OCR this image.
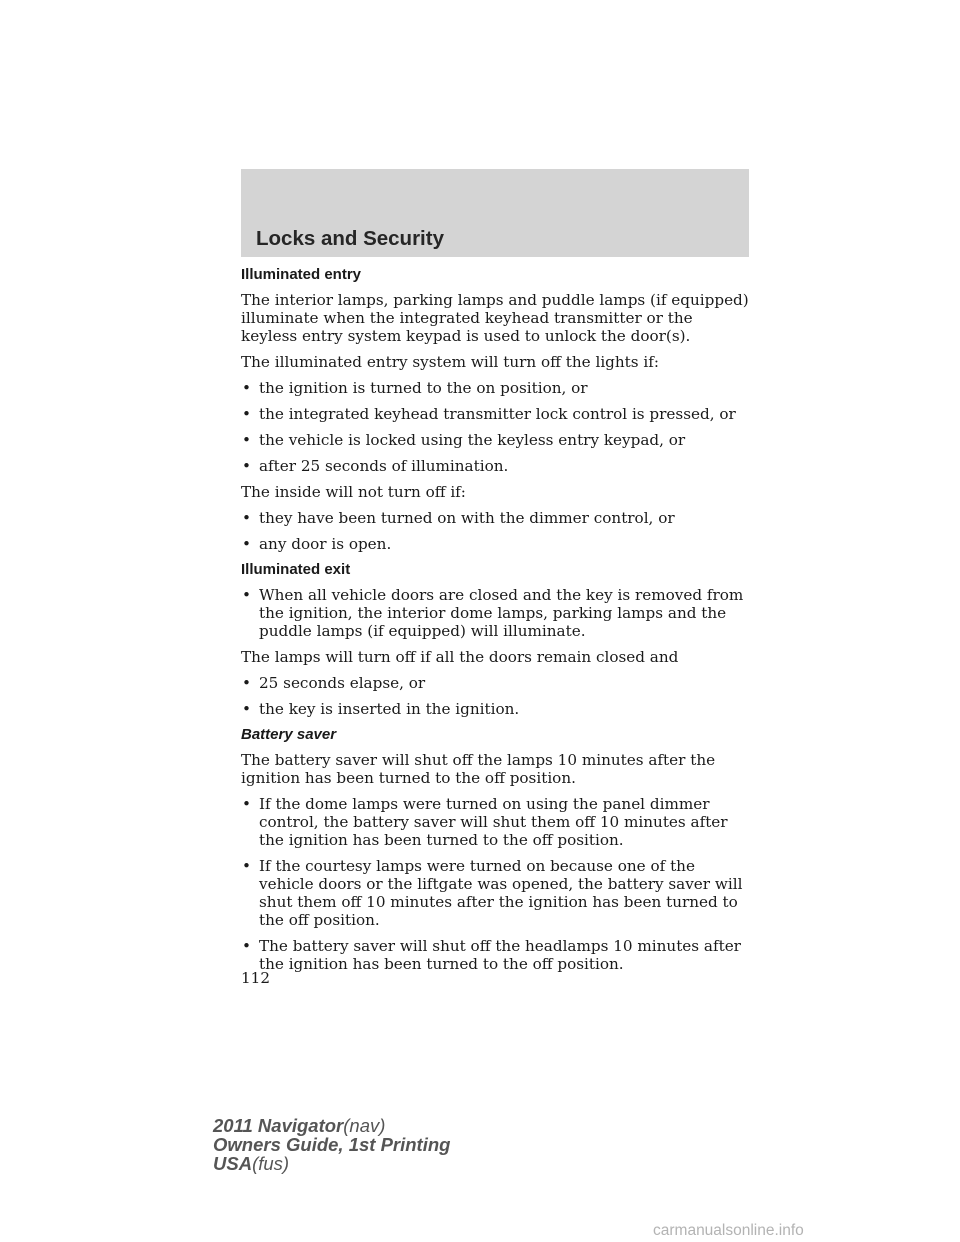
Locks and Security
Illuminated entry

The interior lamps, parking lamps and puddle lamps (if equipped) illuminate when the integrated keyhead transmitter or the keyless entry system keypad is used to unlock the door(s).

The illuminated entry system will turn off the lights if:

• the ignition is turned to the on position, or
• the integrated keyhead transmitter lock control is pressed, or
• the vehicle is locked using the keyless entry keypad, or
• after 25 seconds of illumination.

The inside will not turn off if:

• they have been turned on with the dimmer control, or
• any door is open.
Illuminated exit
• When all vehicle doors are closed and the key is removed from the ignition, the interior dome lamps, parking lamps and the puddle lamps (if equipped) will illuminate.

The lamps will turn off if all the doors remain closed and

• 25 seconds elapse, or
• the key is inserted in the ignition.
Battery saver

The battery saver will shut off the lamps 10 minutes after the ignition has been turned to the off position.

• If the dome lamps were turned on using the panel dimmer control, the battery saver will shut them off 10 minutes after the ignition has been turned to the off position.
• If the courtesy lamps were turned on because one of the vehicle doors or the liftgate was opened, the battery saver will shut them off 10 minutes after the ignition has been turned to the off position.
• The battery saver will shut off the headlamps 10 minutes after the ignition has been turned to the off position.
112
2011 Navigator(nav)
Owners Guide, 1st Printing
USA(fus)
carmanualsonline.info
